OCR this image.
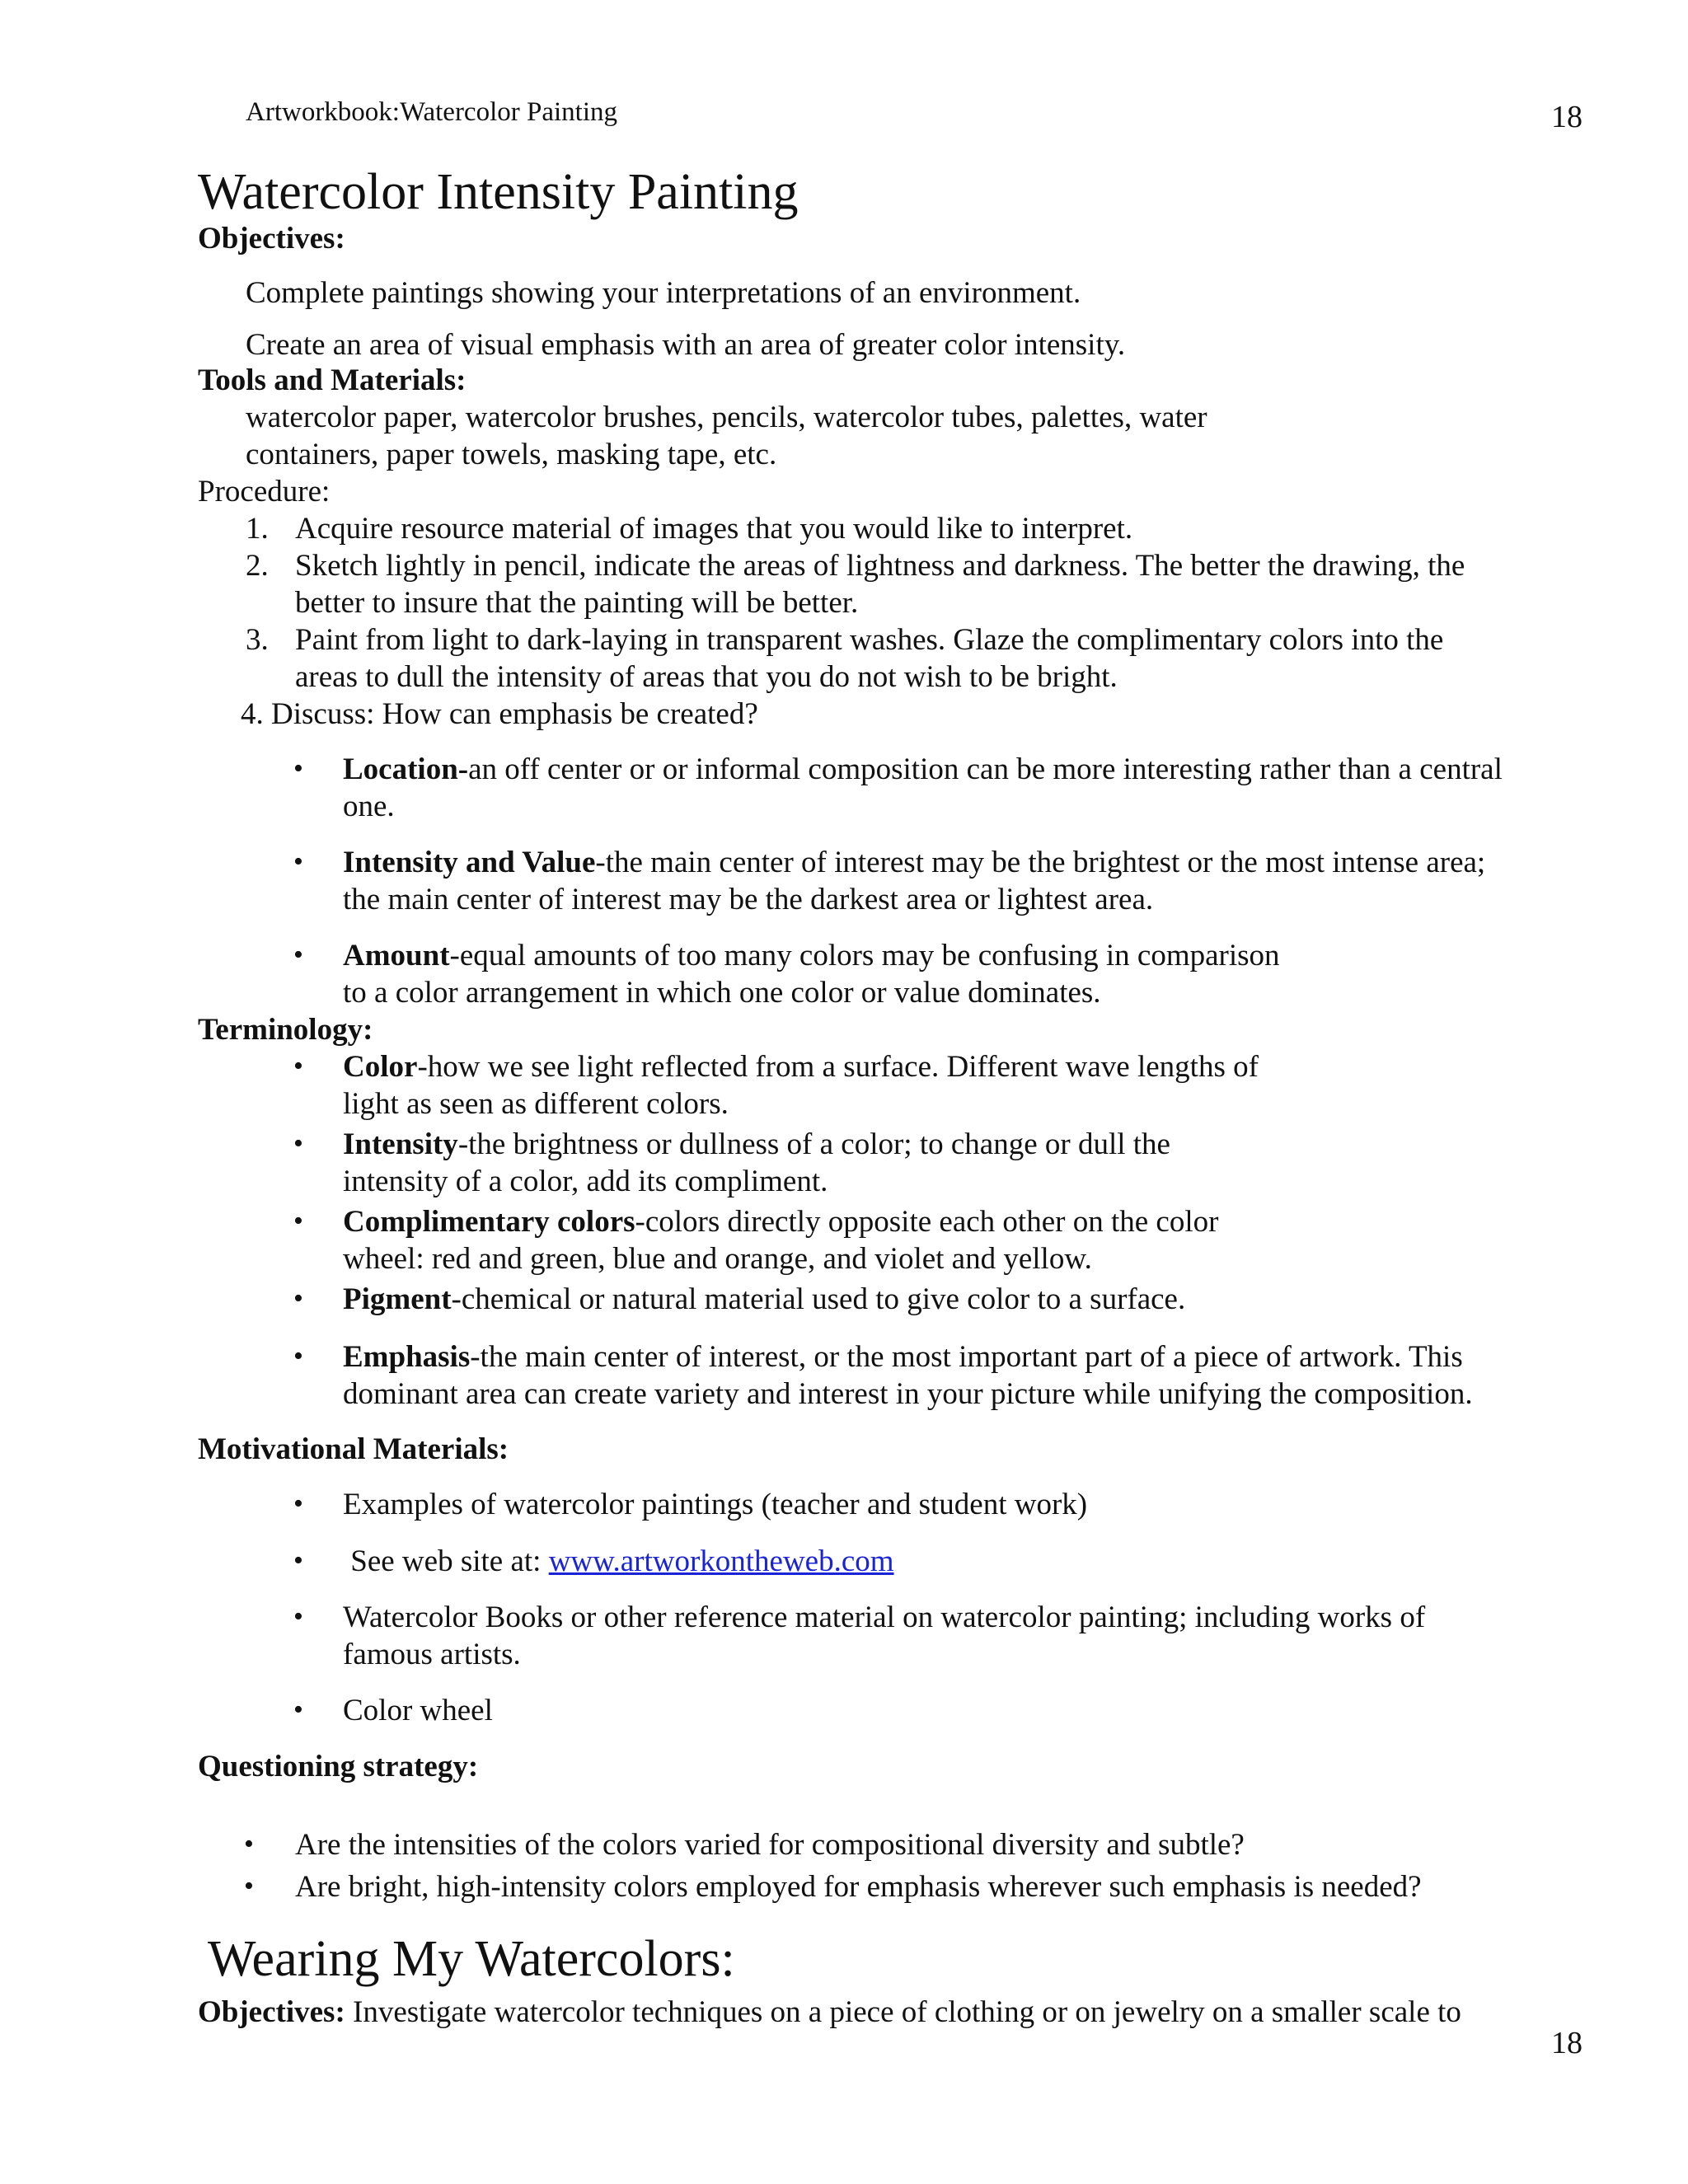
Artworkbook:Watercolor Painting	18
Watercolor Intensity Painting
Objectives:
Complete paintings showing your interpretations of an environment.
Create an area of visual emphasis with an area of greater color intensity.
Tools and Materials:
watercolor paper, watercolor brushes, pencils, watercolor tubes, palettes, water
containers, paper towels, masking tape, etc.
Procedure:
1. Acquire resource material of images that you would like to interpret.
2. Sketch lightly in pencil, indicate the areas of lightness and darkness. The better the drawing, the
better to insure that the painting will be better.
3. Paint from light to dark-laying in transparent washes. Glaze the complimentary colors into the
areas to dull the intensity of areas that you do not wish to be bright.
4. Discuss: How can emphasis be created?
• Location-an off center or or informal composition can be more interesting rather than a central
one.
• Intensity and Value-the main center of interest may be the brightest or the most intense area;
the main center of interest may be the darkest area or lightest area.
• Amount-equal amounts of too many colors may be confusing in comparison
to a color arrangement in which one color or value dominates.
Terminology:
• Color-how we see light reflected from a surface. Different wave lengths of
light as seen as different colors.
• Intensity-the brightness or dullness of a color; to change or dull the
intensity of a color, add its compliment.
• Complimentary colors-colors directly opposite each other on the color
wheel: red and green, blue and orange, and violet and yellow.
• Pigment-chemical or natural material used to give color to a surface.
• Emphasis-the main center of interest, or the most important part of a piece of artwork. This
dominant area can create variety and interest in your picture while unifying the composition.
Motivational Materials:
• Examples of watercolor paintings (teacher and student work)
• See web site at: www.artworkontheweb.com
• Watercolor Books or other reference material on watercolor painting; including works of
famous artists.
• Color wheel
Questioning strategy:
• Are the intensities of the colors varied for compositional diversity and subtle?
• Are bright, high-intensity colors employed for emphasis wherever such emphasis is needed?
Wearing My Watercolors:
Objectives: Investigate watercolor techniques on a piece of clothing or on jewelry on a smaller scale to
18
